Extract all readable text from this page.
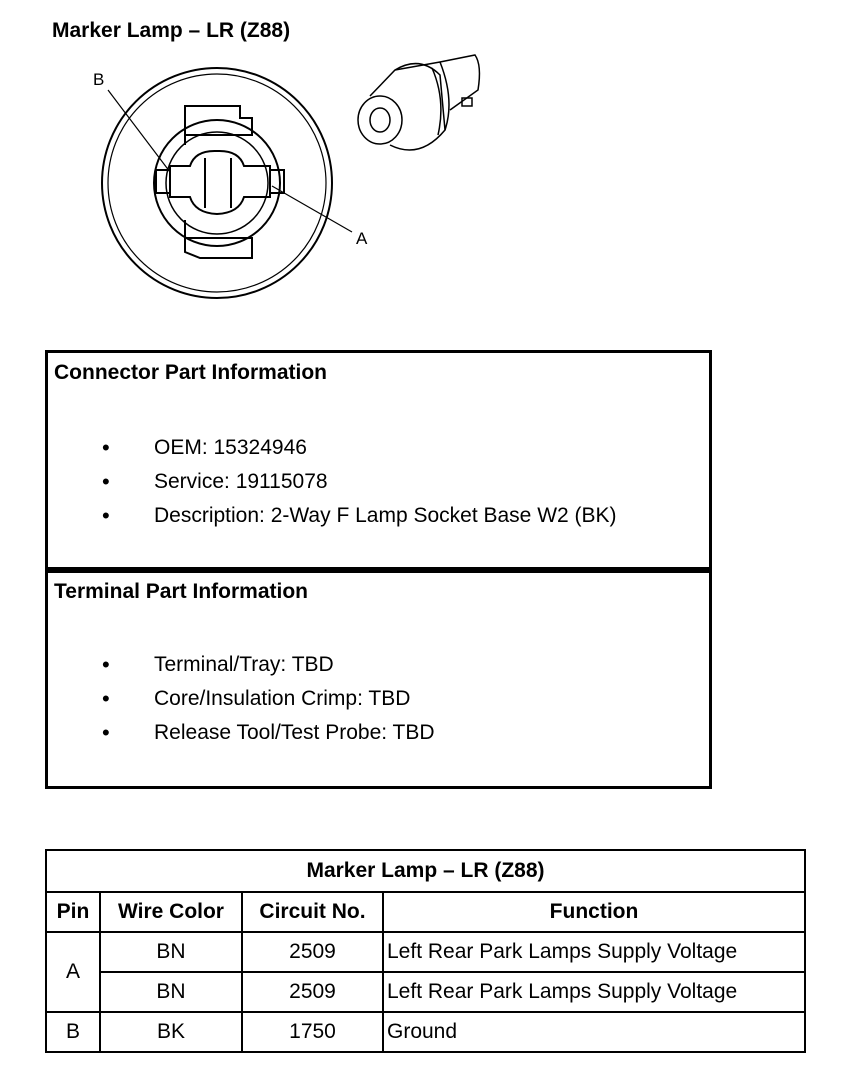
Marker Lamp – LR (Z88)
B
A
Connector Part Information
• OEM: 15324946
• Service: 19115078
• Description: 2-Way F Lamp Socket Base W2 (BK)
Terminal Part Information
• Terminal/Tray: TBD
• Core/Insulation Crimp: TBD
• Release Tool/Test Probe: TBD
Marker Lamp – LR (Z88)			
Pin	Wire Color	Circuit No.	Function
A	BN	2509	Left Rear Park Lamps Supply Voltage
	BN	2509	Left Rear Park Lamps Supply Voltage
B	BK	1750	Ground
